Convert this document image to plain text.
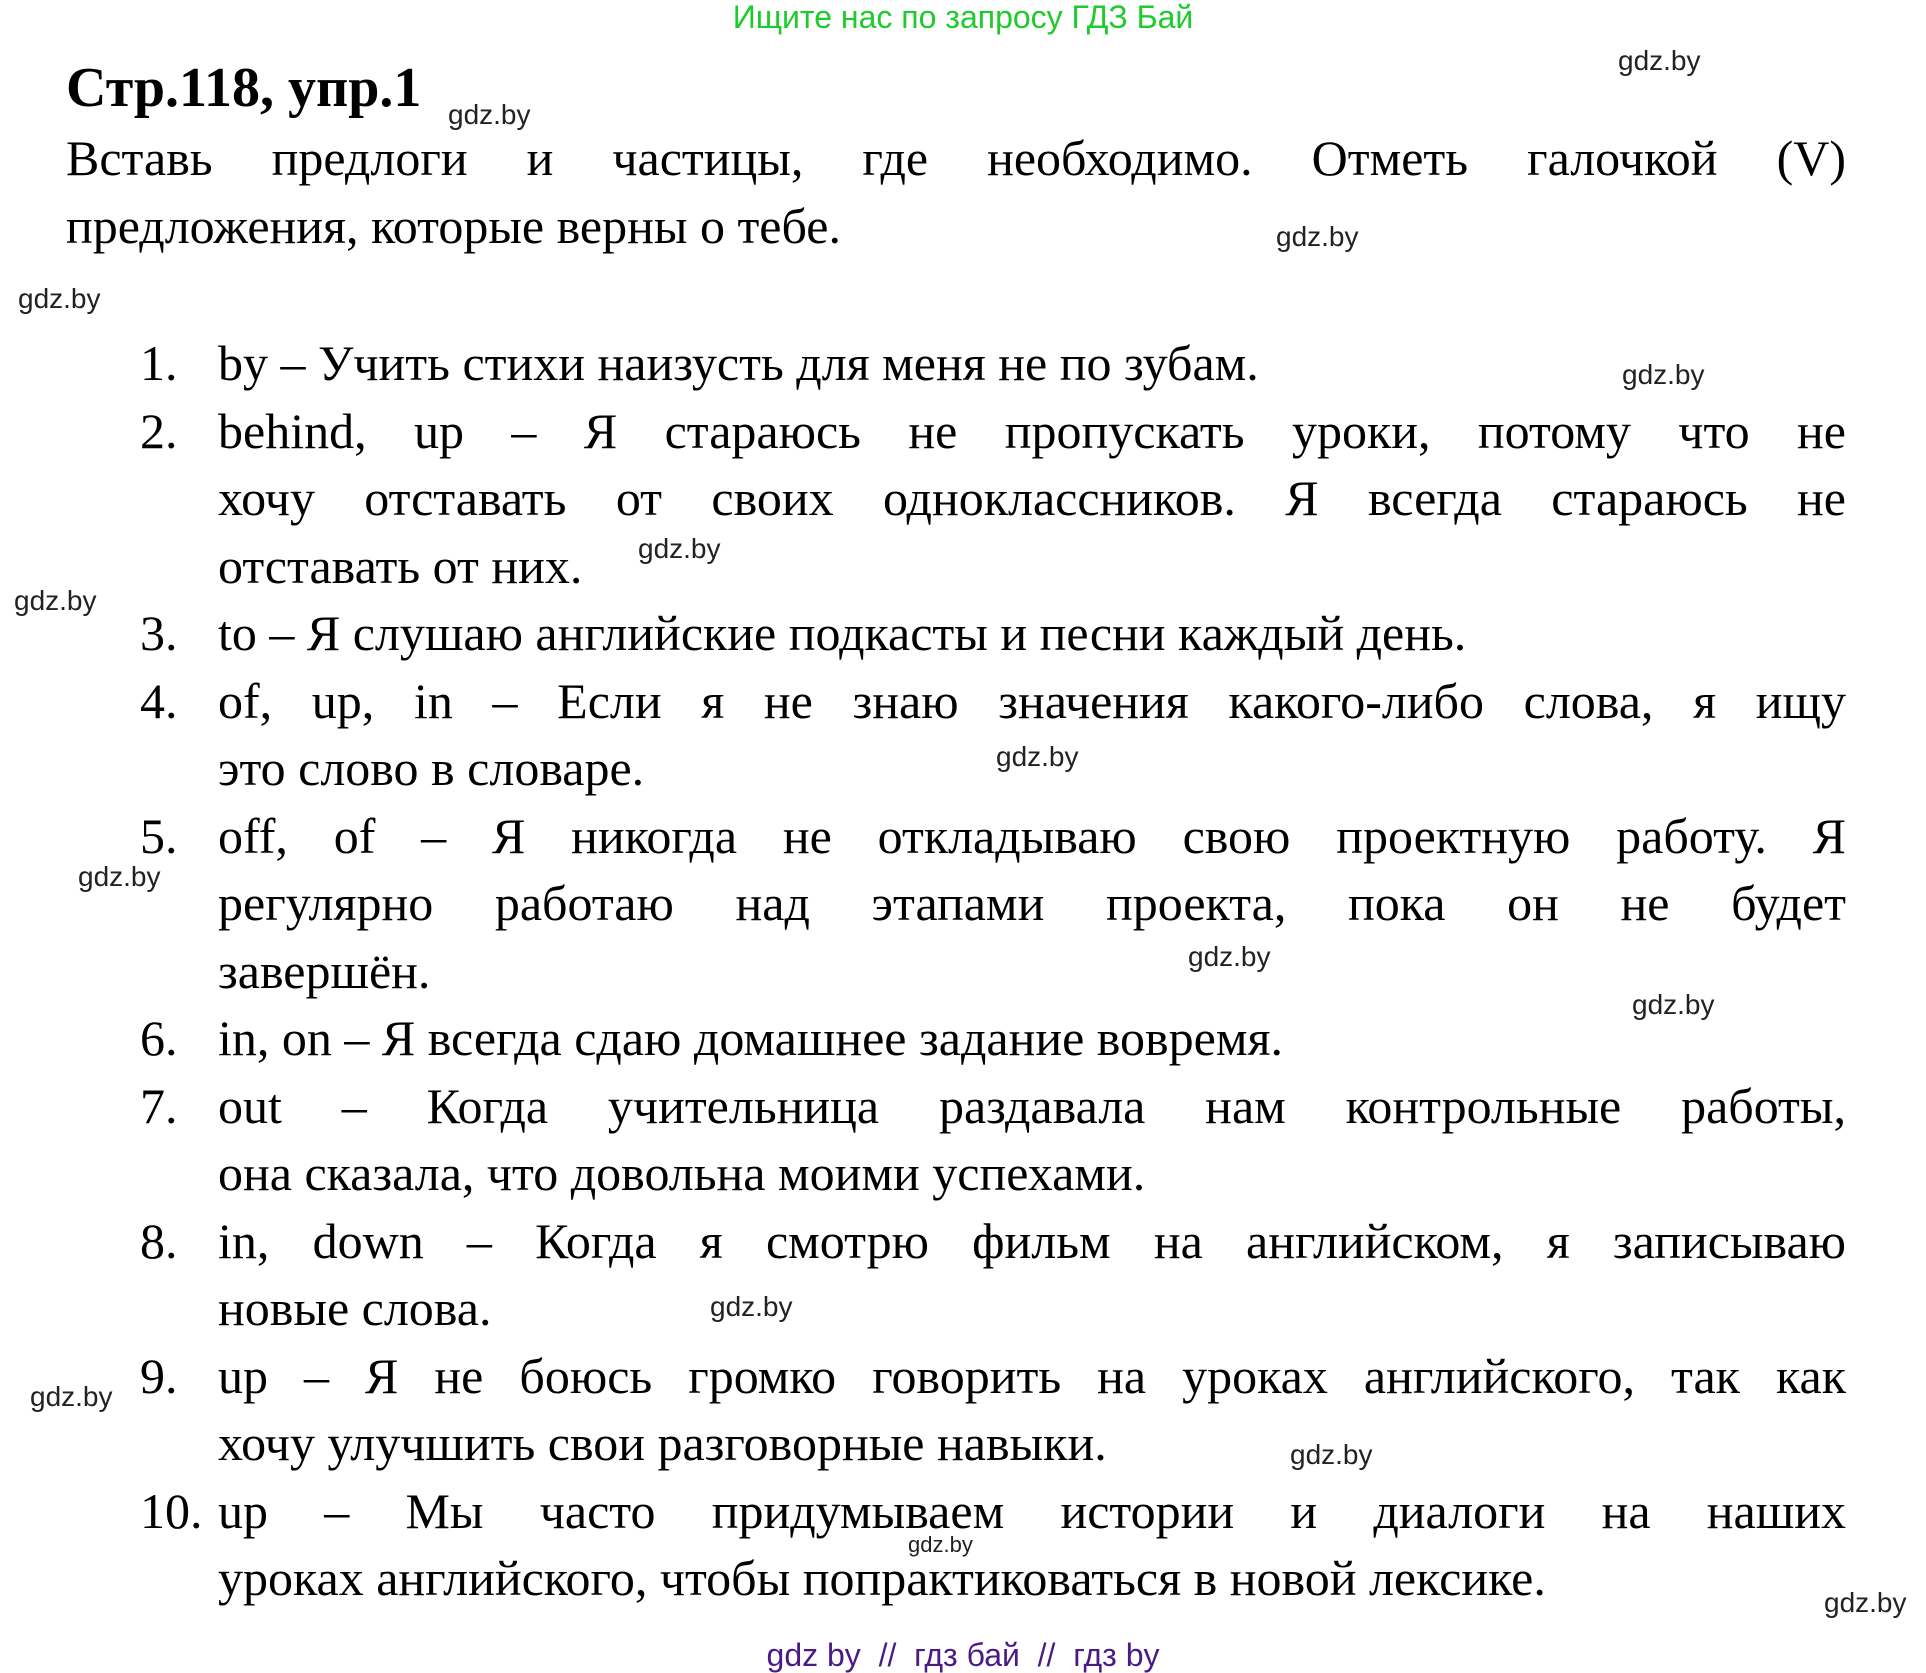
Ищите нас по запросу ГДЗ Бай
Стр.118, упр.1
Вставь предлоги и частицы, где необходимо. Отметь галочкой (V)
предложения, которые верны о тебе.
1. by – Учить стихи наизусть для меня не по зубам.
2. behind, up – Я стараюсь не пропускать уроки, потому что не
хочу отставать от своих одноклассников. Я всегда стараюсь не
отставать от них.
3. to – Я слушаю английские подкасты и песни каждый день.
4. of, up, in – Если я не знаю значения какого-либо слова, я ищу
это слово в словаре.
5. off, of – Я никогда не откладываю свою проектную работу. Я
регулярно работаю над этапами проекта, пока он не будет
завершён.
6. in, on – Я всегда сдаю домашнее задание вовремя.
7. out – Когда учительница раздавала нам контрольные работы,
она сказала, что довольна моими успехами.
8. in, down – Когда я смотрю фильм на английском, я записываю
новые слова.
9. up – Я не боюсь громко говорить на уроках английского, так как
хочу улучшить свои разговорные навыки.
10. up – Мы часто придумываем истории и диалоги на наших
уроках английского, чтобы попрактиковаться в новой лексике.
gdz.by
gdz.by
gdz.by
gdz.by
gdz.by
gdz.by
gdz.by
gdz.by
gdz.by
gdz.by
gdz.by
gdz.by
gdz.by
gdz.by
gdz.by
gdz.by
gdz by  //  гдз бай  //  гдз by
